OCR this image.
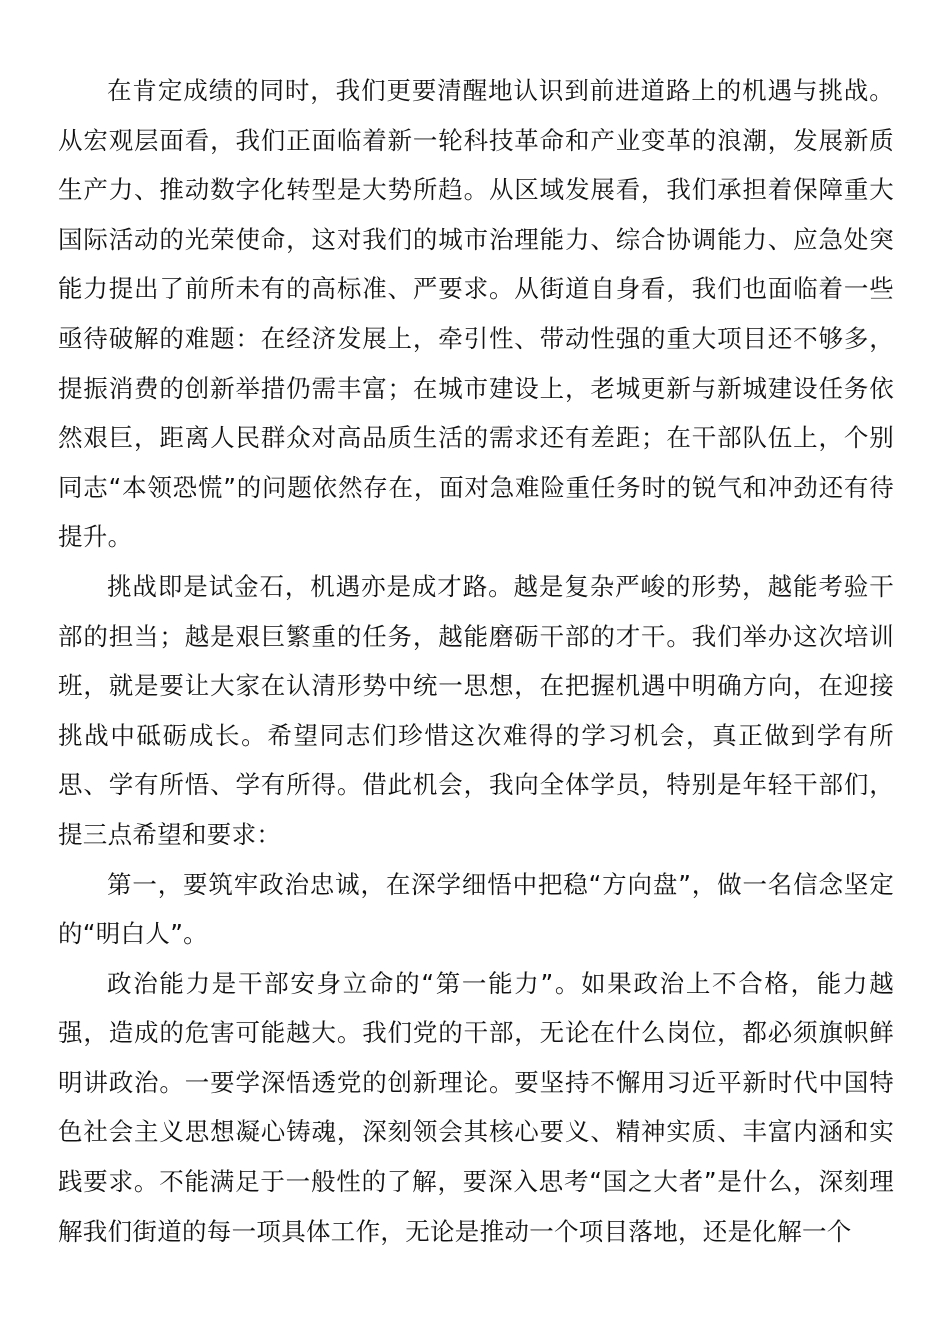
在肯定成绩的同时，我们更要清醒地认识到前进道路上的机遇与挑战。从宏观层面看，我们正面临着新一轮科技革命和产业变革的浪潮，发展新质生产力、推动数字化转型是大势所趋。从区域发展看，我们承担着保障重大国际活动的光荣使命，这对我们的城市治理能力、综合协调能力、应急处突能力提出了前所未有的高标准、严要求。从街道自身看，我们也面临着一些亟待破解的难题：在经济发展上，牵引性、带动性强的重大项目还不够多，提振消费的创新举措仍需丰富；在城市建设上，老城更新与新城建设任务依然艰巨，距离人民群众对高品质生活的需求还有差距；在干部队伍上，个别同志“本领恐慌”的问题依然存在，面对急难险重任务时的锐气和冲劲还有待提升。

挑战即是试金石，机遇亦是成才路。越是复杂严峻的形势，越能考验干部的担当；越是艰巨繁重的任务，越能磨砺干部的才干。我们举办这次培训班，就是要让大家在认清形势中统一思想，在把握机遇中明确方向，在迎接挑战中砥砺成长。希望同志们珍惜这次难得的学习机会，真正做到学有所思、学有所悟、学有所得。借此机会，我向全体学员，特别是年轻干部们，提三点希望和要求：

第一，要筑牢政治忠诚，在深学细悟中把稳“方向盘”，做一名信念坚定的“明白人”。

政治能力是干部安身立命的“第一能力”。如果政治上不合格，能力越强，造成的危害可能越大。我们党的干部，无论在什么岗位，都必须旗帜鲜明讲政治。一要学深悟透党的创新理论。要坚持不懈用习近平新时代中国特色社会主义思想凝心铸魂，深刻领会其核心要义、精神实质、丰富内涵和实践要求。不能满足于一般性的了解，要深入思考“国之大者”是什么，深刻理解我们街道的每一项具体工作，无论是推动一个项目落地，还是化解一个
